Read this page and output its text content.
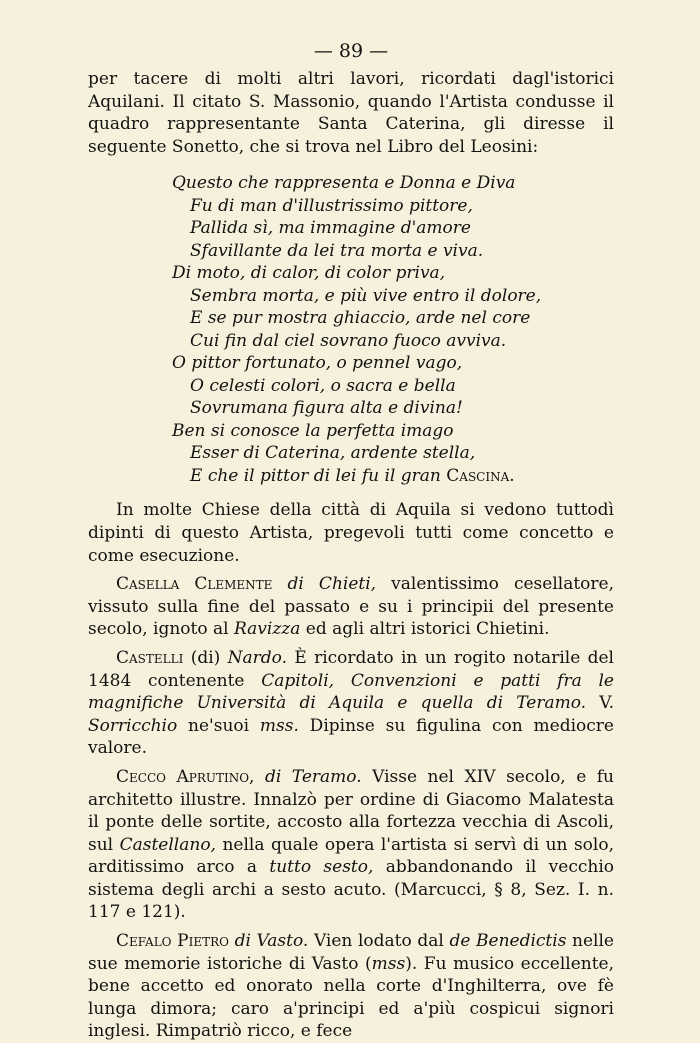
— 89 —

per tacere di molti altri lavori, ricordati dagl'istorici Aquilani. Il citato S. Massonio, quando l'Artista condusse il quadro rappresentante Santa Caterina, gli diresse il seguente Sonetto, che si trova nel Libro del Leosini:

Questo che rappresenta e Donna e Diva
Fu di man d'illustrissimo pittore,
Pallida sì, ma immagine d'amore
Sfavillante da lei tra morta e viva.
Di moto, di calor, di color priva,
Sembra morta, e più vive entro il dolore,
E se pur mostra ghiaccio, arde nel core
Cui fin dal ciel sovrano fuoco avviva.
O pittor fortunato, o pennel vago,
O celesti colori, o sacra e bella
Sovrumana figura alta e divina!
Ben si conosce la perfetta imago
Esser di Caterina, ardente stella,
E che il pittor di lei fu il gran Cascina.

In molte Chiese della città di Aquila si vedono tuttodì dipinti di questo Artista, pregevoli tutti come concetto e come esecuzione.

Casella Clemente di Chieti, valentissimo cesellatore, vissuto sulla fine del passato e su i principii del presente secolo, ignoto al Ravizza ed agli altri istorici Chietini.

Castelli (di) Nardo. È ricordato in un rogito notarile del 1484 contenente Capitoli, Convenzioni e patti fra le magnifiche Università di Aquila e quella di Teramo. V. Sorricchio ne'suoi mss. Dipinse su figulina con mediocre valore.

Cecco Aprutino, di Teramo. Visse nel XIV secolo, e fu architetto illustre. Innalzò per ordine di Giacomo Malatesta il ponte delle sortite, accosto alla fortezza vecchia di Ascoli, sul Castellano, nella quale opera l'artista si servì di un solo, arditissimo arco a tutto sesto, abbandonando il vecchio sistema degli archi a sesto acuto. (Marcucci, § 8, Sez. I. n. 117 e 121).

Cefalo Pietro di Vasto. Vien lodato dal de Benedictis nelle sue memorie istoriche di Vasto (mss). Fu musico eccellente, bene accetto ed onorato nella corte d'Inghilterra, ove fè lunga dimora; caro a'principi ed a'più cospicui signori inglesi. Rimpatriò ricco, e fece
